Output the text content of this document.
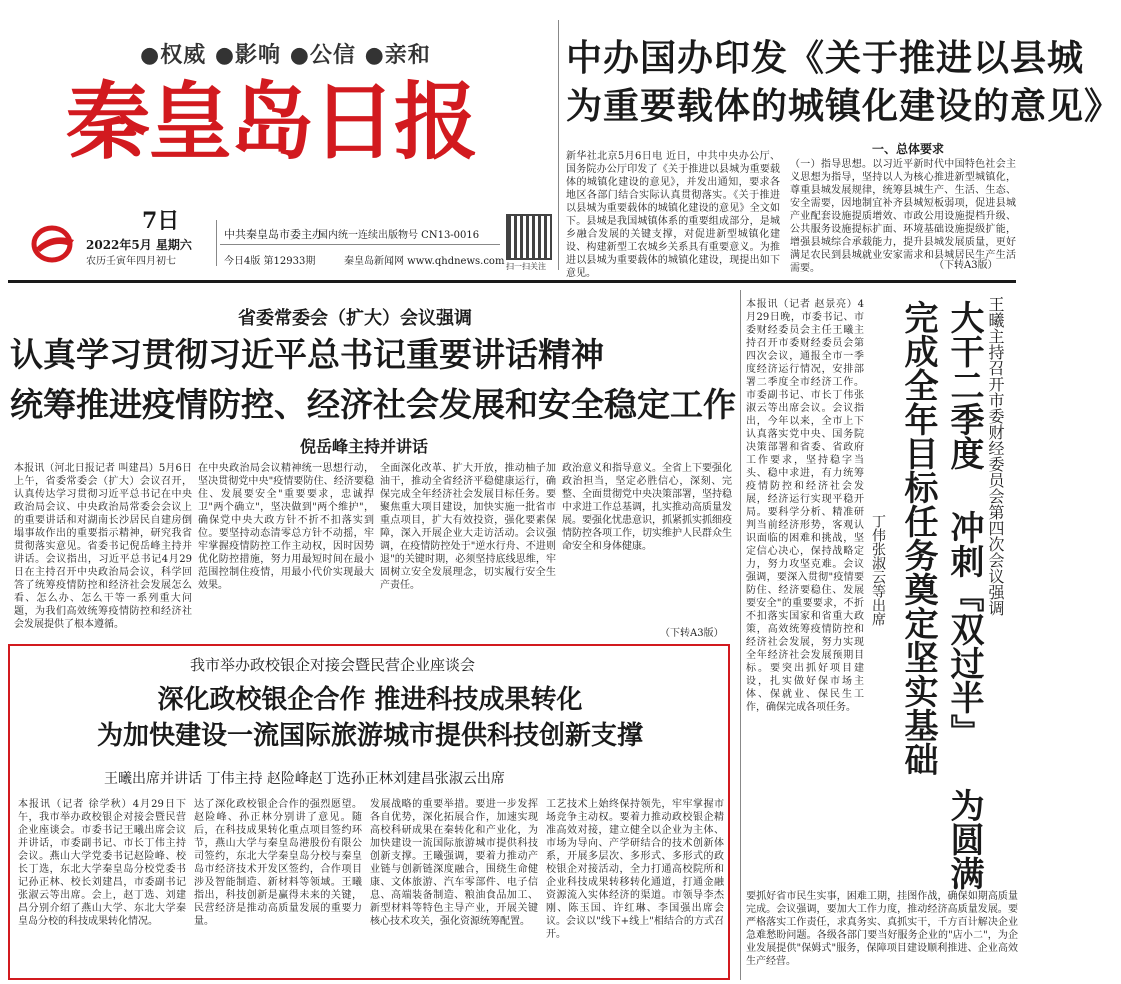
●权威 ●影响 ●公信 ●亲和
秦皇岛日报
7日
2022年5月 星期六
农历壬寅年四月初七
中共秦皇岛市委主办
国内统一连续出版物号 CN13-0016
今日4版 第12933期	秦皇岛新闻网 www.qhdnews.com 扫一扫关注
中办国办印发《关于推进以县城
为重要载体的城镇化建设的意见》
新华社北京5月6日电 近日，中共中央办公厅、国务院办公厅印发了《关于推进以县城为重要载体的城镇化建设的意见》，并发出通知，要求各地区各部门结合实际认真贯彻落实。《关于推进以县城为重要载体的城镇化建设的意见》全文如下。县城是我国城镇体系的重要组成部分，是城乡融合发展的关键支撑，对促进新型城镇化建设、构建新型工农城乡关系具有重要意义。为推进以县城为重要载体的城镇化建设，现提出如下意见。
一、总体要求
（一）指导思想。以习近平新时代中国特色社会主义思想为指导，坚持以人为核心推进新型城镇化，尊重县城发展规律，统筹县城生产、生活、生态、安全需要，因地制宜补齐县城短板弱项，促进县城产业配套设施提质增效、市政公用设施提档升级、公共服务设施提标扩面、环境基础设施提级扩能，增强县城综合承载能力，提升县城发展质量，更好满足农民到县城就业安家需求和县城居民生产生活需要。	（下转A3版）
省委常委会（扩大）会议强调
认真学习贯彻习近平总书记重要讲话精神
统筹推进疫情防控、经济社会发展和安全稳定工作
倪岳峰主持并讲话
本报讯（河北日报记者 叫建昌）5月6日上午，省委常委会（扩大）会议召开，认真传达学习贯彻习近平总书记在中央政治局会议、中央政治局常委会会议上的重要讲话和对湖南长沙居民自建房倒塌事故作出的重要指示精神，研究我省贯彻落实意见。省委书记倪岳峰主持并讲话。会议指出，习近平总书记4月29日在主持召开中央政治局会议，科学回答了统筹疫情防控和经济社会发展怎么看、怎么办、怎么干等一系列重大问题，为我们高效统筹疫情防控和经济社会发展提供了根本遵循。
在中央政治局会议精神统一思想行动，坚决贯彻党中央"疫情要防住、经济要稳住、发展要安全"重要要求，忠诚捍卫"两个确立"，坚决做到"两个维护"，确保党中央大政方针不折不扣落实到位。要坚持动态清零总方针不动摇，牢牢掌握疫情防控工作主动权，因时因势优化防控措施，努力用最短时间在最小范围控制住疫情，用最小代价实现最大效果。
全面深化改革、扩大开放，推动柚子加油干，推动全省经济平稳健康运行，确保完成全年经济社会发展目标任务。要聚焦重大项目建设，加快实施一批省市重点项目，扩大有效投资，强化要素保障，深入开展企业大走访活动。会议强调，在疫情防控处于"逆水行舟、不进则退"的关键时期，必须坚持底线思维，牢固树立安全发展理念，切实履行安全生产责任。
政治意义和指导意义。全省上下要强化政治担当，坚定必胜信心，深刻、完整、全面贯彻党中央决策部署，坚持稳中求进工作总基调，扎实推动高质量发展。要强化忧患意识，抓紧抓实抓细疫情防控各项工作，切实维护人民群众生命安全和身体健康。
（下转A3版）
本报讯（记者 赵景亮）4月29日晚，市委书记、市委财经委员会主任王曦主持召开市委财经委员会第四次会议，通报全市一季度经济运行情况，安排部署二季度全市经济工作。市委副书记、市长丁伟张淑云等出席会议。会议指出，今年以来，全市上下认真落实党中央、国务院决策部署和省委、省政府工作要求，坚持稳字当头、稳中求进，有力统筹疫情防控和经济社会发展，经济运行实现平稳开局。要科学分析、精准研判当前经济形势，客观认识面临的困难和挑战，坚定信心决心，保持战略定力，努力攻坚克难。会议强调，要深入贯彻"疫情要防住、经济要稳住、发展要安全"的重要要求，不折不扣落实国家和省重大政策，高效统筹疫情防控和经济社会发展，努力实现全年经济社会发展预期目标。要突出抓好项目建设，扎实做好保市场主体、保就业、保民生工作，确保完成各项任务。
王曦主持召开市委财经委员会第四次会议强调
大干二季度 冲刺『双过半』 为圆满
完成全年目标任务奠定坚实基础
丁伟张淑云等出席
要抓好省市民生实事，困难工期，挂图作战，确保如期高质量完成。会议强调，要加大工作力度，推动经济高质量发展。要严格落实工作责任，求真务实、真抓实干，千方百计解决企业急难愁盼问题。各级各部门要当好服务企业的"店小二"，为企业发展提供"保姆式"服务，保障项目建设顺利推进、企业高效生产经营。
我市举办政校银企对接会暨民营企业座谈会
深化政校银企合作 推进科技成果转化
为加快建设一流国际旅游城市提供科技创新支撑
王曦出席并讲话 丁伟主持 赵险峰赵丁选孙正林刘建昌张淑云出席
本报讯（记者 徐学秋）4月29日下午，我市举办政校银企对接会暨民营企业座谈会。市委书记王曦出席会议并讲话，市委副书记、市长丁伟主持会议。燕山大学党委书记赵险峰、校长丁选，东北大学秦皇岛分校党委书记孙正林、校长刘建昌，市委副书记张淑云等出席。会上，赵丁选、刘建昌分别介绍了燕山大学、东北大学秦皇岛分校的科技成果转化情况。
达了深化政校银企合作的强烈愿望。赵险峰、孙正林分别讲了意见。随后，在科技成果转化重点项目签约环节，燕山大学与秦皇岛港股份有限公司签约，东北大学秦皇岛分校与秦皇岛市经济技术开发区签约，合作项目涉及智能制造、新材料等领域。王曦指出，科技创新是赢得未来的关键，民营经济是推动高质量发展的重要力量。
发展战略的重要举措。要进一步发挥各自优势，深化拓展合作，加速实现高校科研成果在秦转化和产业化，为加快建设一流国际旅游城市提供科技创新支撑。王曦强调，要着力推动产业链与创新链深度融合，围绕生命健康、文体旅游、汽车零部件、电子信息、高端装备制造、粮油食品加工、新型材料等特色主导产业，开展关键核心技术攻关，强化资源统筹配置。
工艺技术上始终保持领先，牢牢掌握市场竞争主动权。要着力推动政校银企精准高效对接，建立健全以企业为主体、市场为导向、产学研结合的技术创新体系，开展多层次、多形式、多形式的政校银企对接活动，全力打通高校院所和企业科技成果转移转化通道，打通金融资源流入实体经济的渠道。市领导李杰刚、陈玉国、许红琳、李国强出席会议。会议以"线下+线上"相结合的方式召开。
